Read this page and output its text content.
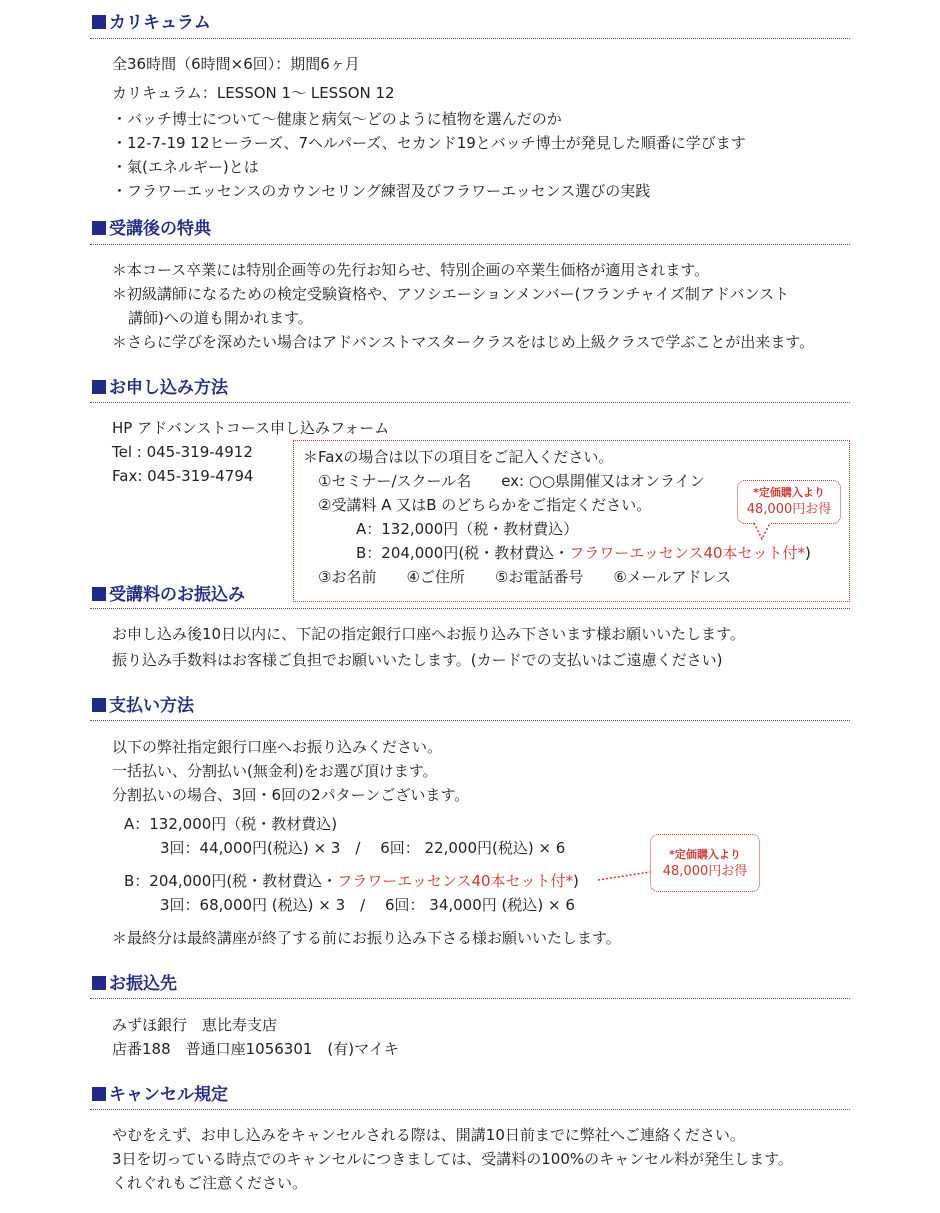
カリキュラム
全36時間（6時間×6回）：期間6ヶ月
カリキュラム：LESSON 1〜 LESSON 12
・バッチ博士について〜健康と病気〜どのように植物を選んだのか
・12-7-19 12ヒーラーズ、7ヘルパーズ、セカンド19とバッチ博士が発見した順番に学びます
・氣(エネルギー)とは
・フラワーエッセンスのカウンセリング練習及びフラワーエッセンス選びの実践
受講後の特典
＊本コース卒業には特別企画等の先行お知らせ、特別企画の卒業生価格が適用されます。
＊初級講師になるための検定受験資格や、アソシエーションメンバー(フランチャイズ制アドバンスト
講師)への道も開かれます。
＊さらに学びを深めたい場合はアドバンストマスタークラスをはじめ上級クラスで学ぶことが出来ます。
お申し込み方法
HP アドバンストコース申し込みフォーム
Tel : 045-319-4912
Fax: 045-319-4794
＊Faxの場合は以下の項目をご記入ください。
①セミナー/スクール名　　ex: ○○県開催又はオンライン
②受講料 A 又はB のどちらかをご指定ください。
A：132,000円（税・教材費込）
B：204,000円(税・教材費込・フラワーエッセンス40本セット付*)
③お名前　　④ご住所　　⑤お電話番号　　⑥メールアドレス
*定価購入より
48,000円お得
受講料のお振込み
お申し込み後10日以内に、下記の指定銀行口座へお振り込み下さいます様お願いいたします。
振り込み手数料はお客様ご負担でお願いいたします。(カードでの支払いはご遠慮ください)
支払い方法
以下の弊社指定銀行口座へお振り込みください。
一括払い、分割払い(無金利)をお選び頂けます。
分割払いの場合、3回・6回の2パターンございます。
A：132,000円（税・教材費込)
3回：44,000円(税込) × 3　/　 6回： 22,000円(税込) × 6
B：204,000円(税・教材費込・フラワーエッセンス40本セット付*)
3回：68,000円 (税込) × 3　/　 6回： 34,000円 (税込) × 6
＊最終分は最終講座が終了する前にお振り込み下さる様お願いいたします。
*定価購入より
48,000円お得
お振込先
みずほ銀行　恵比寿支店
店番188　普通口座1056301　(有)マイキ
キャンセル規定
やむをえず、お申し込みをキャンセルされる際は、開講10日前までに弊社へご連絡ください。
3日を切っている時点でのキャンセルにつきましては、受講料の100%のキャンセル料が発生します。
くれぐれもご注意ください。
